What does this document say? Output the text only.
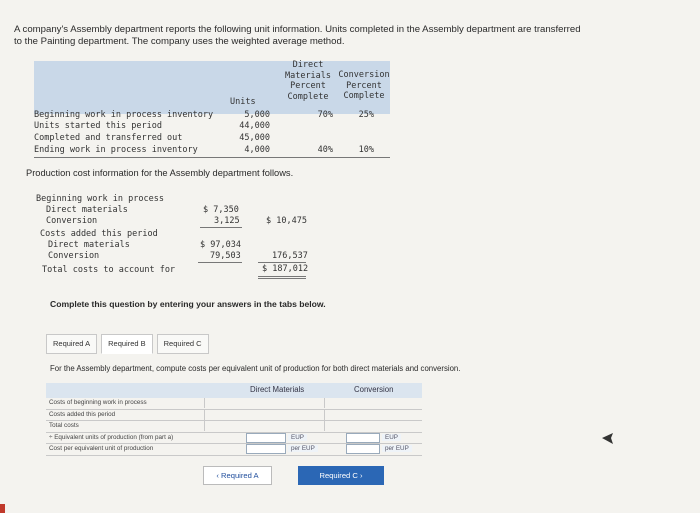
A company's Assembly department reports the following unit information. Units completed in the Assembly department are transferred
to the Painting department. The company uses the weighted average method.
Units
Direct
Materials
Percent
Complete
Conversion
Percent
Complete
Beginning work in process inventory	5,000	70%	25%
Units started this period	44,000
Completed and transferred out	45,000
Ending work in process inventory	4,000	40%	10%
Production cost information for the Assembly department follows.
Beginning work in process
Direct materials	$ 7,350
Conversion	3,125	$ 10,475
Costs added this period
Direct materials	$ 97,034
Conversion	79,503	176,537
Total costs to account for	$ 187,012
Complete this question by entering your answers in the tabs below.
Required A	Required B	Required C
For the Assembly department, compute costs per equivalent unit of production for both direct materials and conversion.
Direct Materials	Conversion
Costs of beginning work in process
Costs added this period
Total costs
÷ Equivalent units of production (from part a)	EUP	EUP
Cost per equivalent unit of production	per EUP	per EUP
‹ Required A	Required C ›
